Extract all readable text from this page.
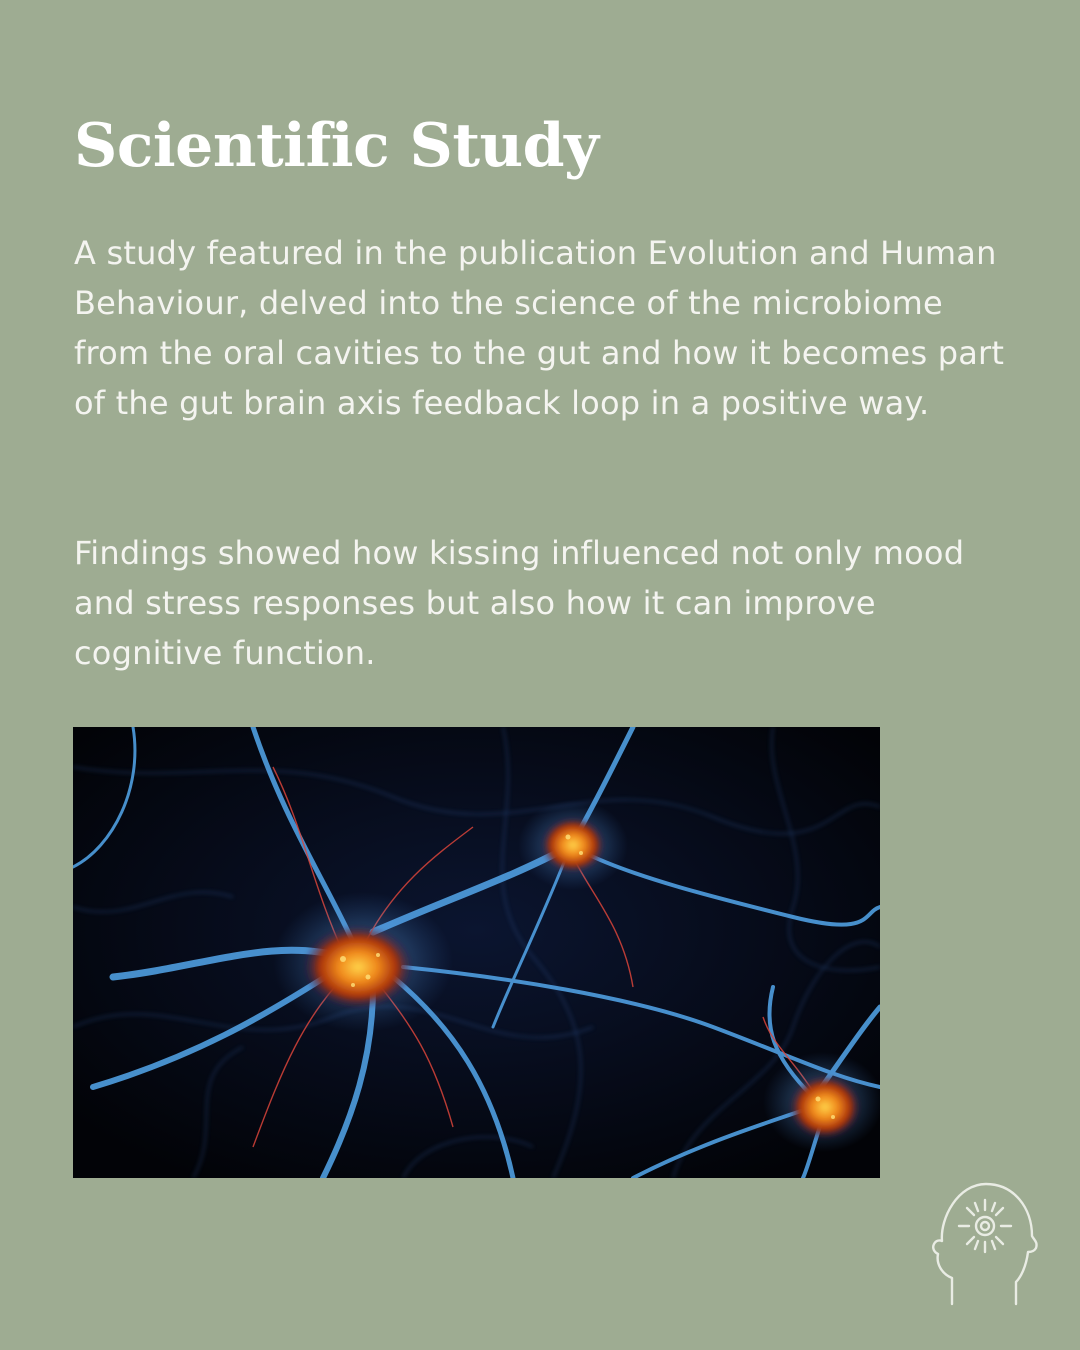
Scientific Study

A study featured in the publication Evolution and Human Behaviour, delved into the science of the microbiome from the oral cavities to the gut and how it becomes part of the gut brain axis feedback loop in a positive way.

Findings showed how kissing influenced not only mood and stress responses but also how it can improve cognitive function.
